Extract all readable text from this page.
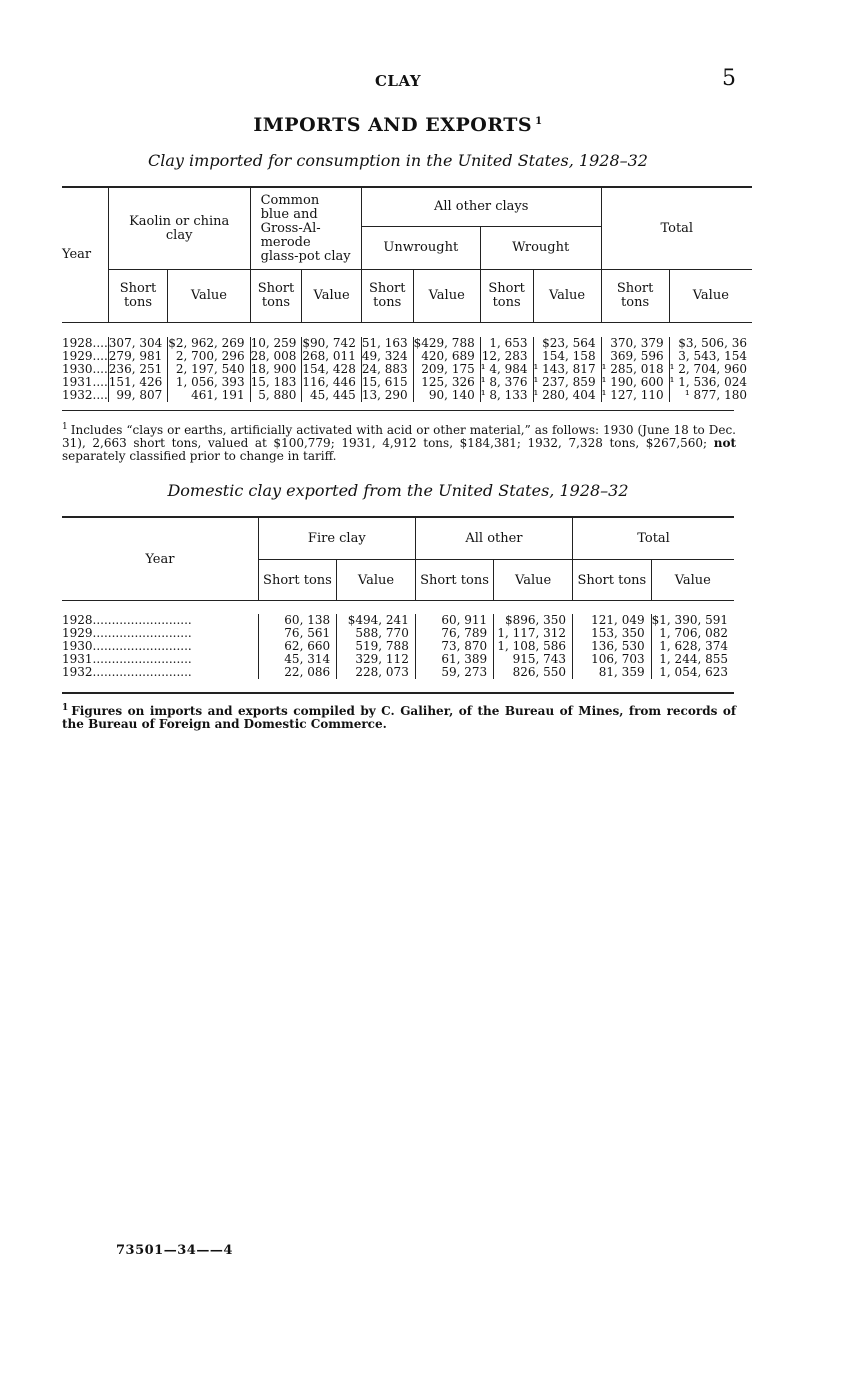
CLAY	5
IMPORTS AND EXPORTS $^1$
Clay imported for consumption in the United States, 1928–32
Year	Kaolin or china clay		Common blue and Gross-Al-merode glass-pot clay		All other clays				Total	
					Unwrought		Wrought			
	Short tons	Value	Short tons	Value	Short tons	Value	Short tons	Value	Short tons	Value

1928....	307, 304	$2, 962, 269	10, 259	$90, 742	51, 163	$429, 788	1, 653	$23, 564	370, 379	$3, 506, 36
1929....	279, 981	2, 700, 296	28, 008	268, 011	49, 324	420, 689	12, 283	154, 158	369, 596	3, 543, 154
1930....	236, 251	2, 197, 540	18, 900	154, 428	24, 883	209, 175	¹ 4, 984	¹ 143, 817	¹ 285, 018	¹ 2, 704, 960
1931....	151, 426	1, 056, 393	15, 183	116, 446	15, 615	125, 326	¹ 8, 376	¹ 237, 859	¹ 190, 600	¹ 1, 536, 024
1932....	99, 807	461, 191	5, 880	45, 445	13, 290	90, 140	¹ 8, 133	¹ 280, 404	¹ 127, 110	¹ 877, 180
$^1$ Includes “clays or earths, artificially activated with acid or other material,” as follows: 1930 (June 18 to Dec. 31), 2,663 short tons, valued at $100,779; 1931, 4,912 tons, $184,381; 1932, 7,328 tons, $267,560; not separately classified prior to change in tariff.
Domestic clay exported from the United States, 1928–32
Year	Fire clay		All other		Total	
	Short tons	Value	Short tons	Value	Short tons	Value

1928..........................	60, 138	$494, 241	60, 911	$896, 350	121, 049	$1, 390, 591
1929..........................	76, 561	588, 770	76, 789	1, 117, 312	153, 350	1, 706, 082
1930..........................	62, 660	519, 788	73, 870	1, 108, 586	136, 530	1, 628, 374
1931..........................	45, 314	329, 112	61, 389	915, 743	106, 703	1, 244, 855
1932..........................	22, 086	228, 073	59, 273	826, 550	81, 359	1, 054, 623
$^1$ Figures on imports and exports compiled by C. Galiher, of the Bureau of Mines, from records of the Bureau of Foreign and Domestic Commerce.
73501—34——4
